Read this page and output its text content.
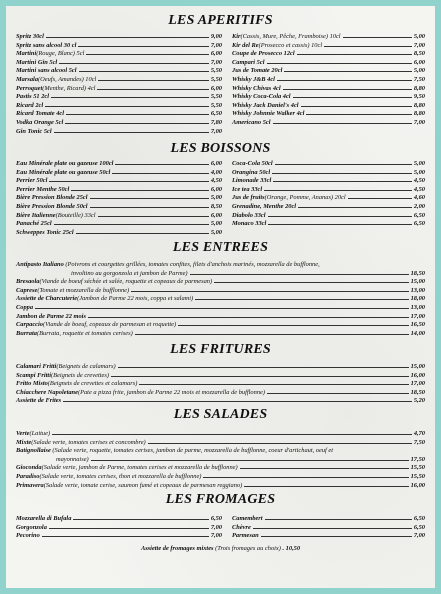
LES APERITIFS
Spritz 30cl	9,00
Spritz sans alcool 30 cl	7,00
Martini (Rouge, Blanc) 5cl	6,00
Martini Gin 5cl	7,00
Martini sans alcool 5cl	5,50
Marsala (Oeufs, Amandes) 10cl	5,50
Perroquet (Menthe, Ricard) 4cl	6,00
Pastis 51 2cl	5,50
Ricard 2cl	5,50
Ricard Tomate 4cl	6,50
Vodka Orange 5cl	7,80
Gin Tonic 5cl	7,00
Kir (Cassis, Mure, Pêche, Framboise) 10cl	5,00
Kir del Re (Prosecco et cassis) 10cl	7,00
Coupe de Prosecco 12cl	8,50
Campari 5cl	6,00
Jus de Tomate 20cl	5,00
Whisky J&B 4cl	7,50
Whisky Chivas 4cl	8,80
Whisky Coca-Cola 4cl	9,50
Whisky Jack Daniel's 4cl	8,80
Whisky Johnnie Walker 4cl	8,80
Americano 5cl	7,00
LES BOISSONS
Eau Minérale plate ou gazeuse 100cl	6,00
Eau Minérale plate ou gazeuse 50cl	4,00
Perrier 50cl	4,50
Perrier Menthe 50cl	6,00
Bière Pression Blonde 25cl	5,00
Bière Pression Blonde 50cl	8,50
Bière Italienne (Bouteille) 33cl	6,00
Panaché 25cl	5,00
Schweppes Tonic 25cl	5,00
Coca-Cola 50cl	5,00
Orangina 50cl	5,00
Limonade 33cl	4,50
Ice tea 33cl	4,50
Jus de fruits (Orange, Pomme, Ananas) 20cl	4,60
Grenadine, Menthe 20cl	2,00
Diabolo 33cl	6,50
Monaco 33cl	6,50
LES ENTREES
Antipasto Italiano (Poivrons et courgettes grillées, tomates confites, filets d'anchois marinés, mozzarella de bufflonne,
involtino au gorgonzola et jambon de Parme)	18,50
Bresaola (Viande de boeuf séchée et salée, roquette et copeaux de parmesan)	15,00
Caprese (Tomate et mozzarella de bufflonne)	13,00
Assiette de Charcuterie (Jambon de Parme 22 mois, coppa et salami)	18,00
Coppa	13,00
Jambon de Parme 22 mois	17,00
Carpaccio (Viande de boeuf, copeaux de parmesan et roquette)	16,50
Burrata (Burrata, roquette et tomates cerises)	14,00
LES FRITURES
Calamari Fritti (Beignets de calamars)	15,00
Scampi Fritti (Beignets de crevettes)	16,00
Fritto Misto (Beignets de crevettes et calamars)	17,00
Chiacchere Napoletane (Pate a pizza frite, jambon de Parme 22 mois et mozzarella de bufflonne)	18,50
Assiette de Frites	5,20
LES SALADES
Verte (Laitue)	4,70
Mixte (Salade verte, tomates cerises et concombre)	7,50
Batignollaise (Salade verte, roquette, tomates cerises, jambon de parme, mozzarella de bufflonne, coeur d'artichaut, oeuf et
mayonnaise)	17,50
Gioconda (Salade verte, jambon de Parme, tomates cerises et mozzarella de bufflonne)	15,50
Paradiso (Salade verte, tomates cerises, thon et mozzarella de bufflonne)	15,50
Primavera (Salade verte, tomate cerise, saumon fumé et copeaux de parmesan reggiano)	16,00
LES FROMAGES
Mozzarella di Bufala	6,50
Gorgonzola	7,00
Pecorino	7,00
Camembert	6,50
Chèvre	6,50
Parmesan	7,00
Assiette de fromages mixtes (Trois fromages au choix) . 10,50
